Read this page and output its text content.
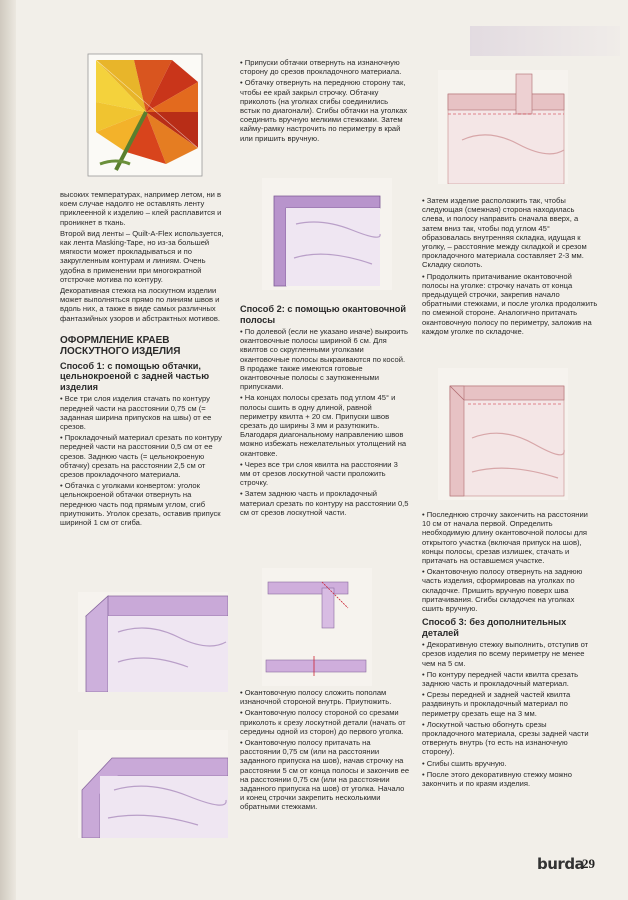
высоких температурах, например летом, ни в коем случае надолго не оставлять ленту приклеенной к изделию – клей расплавится и проникнет в ткань.

Второй вид ленты – Quilt-A-Flex используется, как лента Masking-Tape, но из-за большей мягкости может прокладываться и по закругленным контурам и линиям. Очень удобна в применении при многократной отстрочке мотива по контуру.

Декоративная стежка на лоскутном изделии может выполняться прямо по линиям швов и вдоль них, а также в виде самых различных фантазийных узоров и абстрактных мотивов.

ОФОРМЛЕНИЕ КРАЕВ ЛОСКУТНОГО ИЗДЕЛИЯ
Способ 1: с помощью обтачки, цельнокроеной с задней частью изделия

• Все три слоя изделия стачать по контуру передней части на расстоянии 0,75 см (= заданная ширина припусков на швы) от ее срезов.

• Прокладочный материал срезать по контуру передней части на расстоянии 0,5 см от ее срезов. Заднюю часть (= цельнокроеную обтачку) срезать на расстоянии 2,5 см от срезов прокладочного материала.

• Обтачка с уголками конвертом: уголок цельнокроеной обтачки отвернуть на переднюю часть под прямым углом, сгиб приутюжить. Уголок срезать, оставив припуск шириной 1 см от сгиба.

• Припуски обтачки отвернуть на изнаночную сторону до срезов прокладочного материала.

• Обтачку отвернуть на переднюю сторону так, чтобы ее край закрыл строчку. Обтачку приколоть (на уголках сгибы соединились встык по диагонали). Сгибы обтачки на уголках соединить вручную мелкими стежками. Затем кайму-рамку настрочить по периметру в край или пришить вручную.

Способ 2: с помощью окантовочной полосы

• По долевой (если не указано иначе) выкроить окантовочные полосы шириной 6 см. Для квилтов со скругленными уголками окантовочные полосы выкраиваются по косой. В продаже также имеются готовые окантовочные полосы с заутюженными припусками.

• На концах полосы срезать под углом 45° и полосы сшить в одну длиной, равной периметру квилта + 20 см. Припуски швов срезать до ширины 3 мм и разутюжить. Благодаря диагональному направлению швов можно избежать нежелательных утолщений на окантовке.

• Через все три слоя квилта на расстоянии 3 мм от срезов лоскутной части проложить строчку.

• Затем заднюю часть и прокладочный материал срезать по контуру на расстоянии 0,5 см от срезов лоскутной части.

• Окантовочную полосу сложить пополам изнаночной стороной внутрь. Приутюжить.

• Окантовочную полосу стороной со срезами приколоть к срезу лоскутной детали (начать от середины одной из сторон) до первого уголка.

• Окантовочную полосу притачать на расстоянии 0,75 см (или на расстоянии заданного припуска на шов), начав строчку на расстоянии 5 см от конца полосы и закончив ее на расстоянии 0,75 см (или на расстоянии заданного припуска на шов) от уголка. Начало и конец строчки закрепить несколькими обратными стежками.

• Затем изделие расположить так, чтобы следующая (смежная) сторона находилась слева, и полосу направить сначала вверх, а затем вниз так, чтобы под углом 45° образовалась внутренняя складка, идущая к уголку, – расстояние между складкой и срезом прокладочного материала составляет 2-3 мм. Складку сколоть.

• Продолжить притачивание окантовочной полосы на уголке: строчку начать от конца предыдущей строчки, закрепив начало обратными стежками, и после уголка продолжить по смежной стороне. Аналогично притачать окантовочную полосу по периметру, заложив на каждом уголке по складочке.

• Последнюю строчку закончить на расстоянии 10 см от начала первой. Определить необходимую длину окантовочной полосы для открытого участка (включая припуск на шов), концы полосы, срезав излишек, стачать и притачать на оставшемся участке.

• Окантовочную полосу отвернуть на заднюю часть изделия, сформировав на уголках по складочке. Пришить вручную поверх шва притачивания. Сгибы складочек на уголках сшить вручную.

Способ 3: без дополнительных деталей

• Декоративную стежку выполнить, отступив от срезов изделия по всему периметру не менее чем на 5 см.

• По контуру передней части квилта срезать заднюю часть и прокладочный материал.

• Срезы передней и задней частей квилта раздвинуть и прокладочный материал по периметру срезать еще на 3 мм.

• Лоскутной частью обогнуть срезы прокладочного материала, срезы задней части отвернуть внутрь (то есть на изнаночную сторону).

• Сгибы сшить вручную.

• После этого декоративную стежку можно закончить и по краям изделия.

burda
29
